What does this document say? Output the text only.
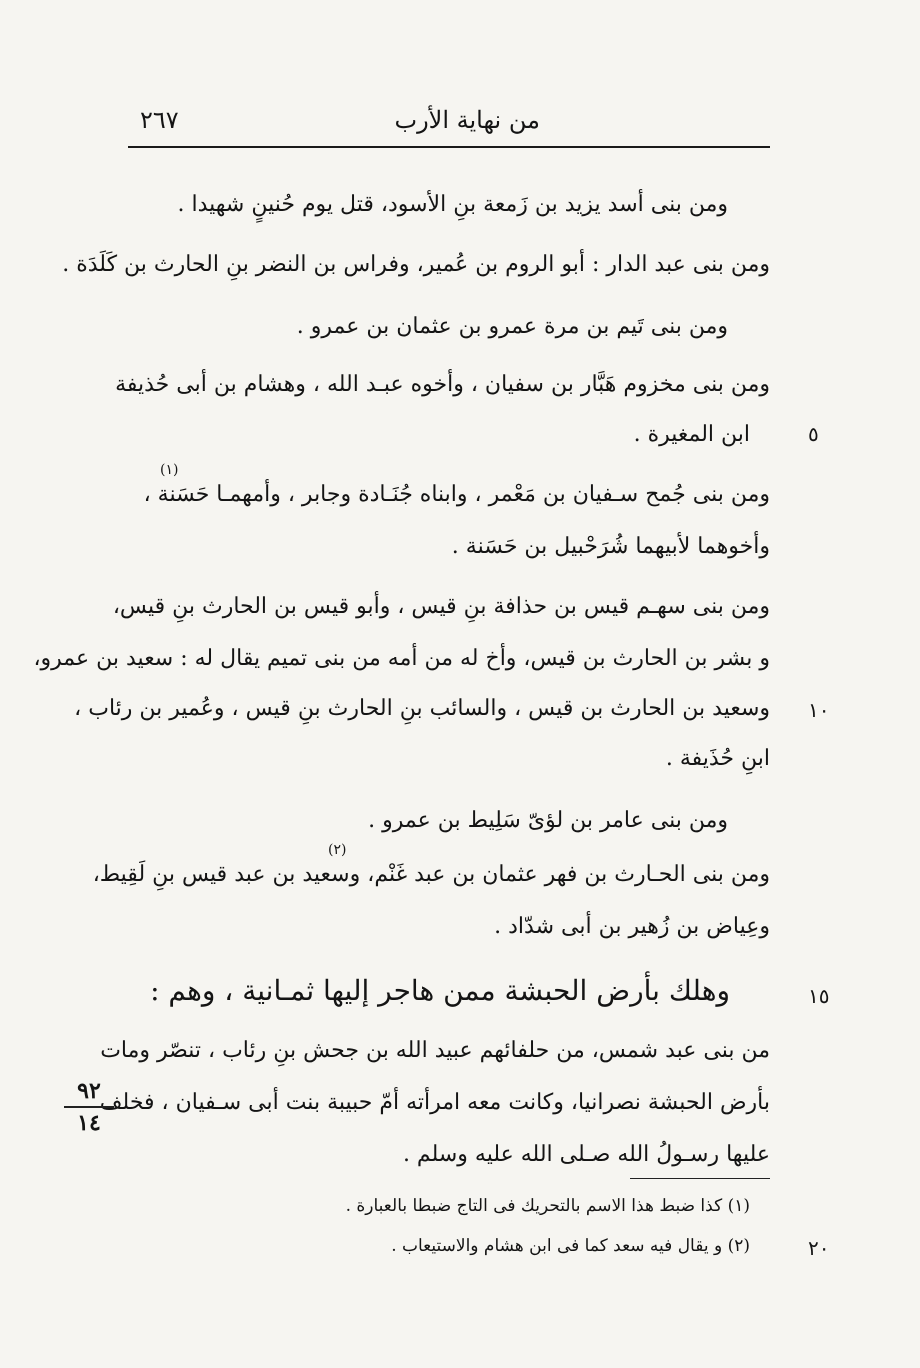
من نهاية الأرب
٢٦٧
ومن بنى أسد يزيد بن زَمعة بنِ الأسود، قتل يوم حُنينٍ شهيدا .
ومن بنى عبد الدار : أبو الروم بن عُمير، وفراس بن النضر بنِ الحارث بن كَلَدَة .
ومن بنى تَيم بن مرة عمرو بن عثمان بن عمرو .
ومن بنى مخزوم هَبَّار بن سفيان ، وأخوه عبـد الله ، وهشام بن أبى حُذيفة
ابن المغيرة .
(١)
ومن بنى جُمح سـفيان بن مَعْمر ، وابناه جُنَـادة وجابر ، وأمهمـا حَسَنة ،
وأخوهما لأبيهما شُرَحْبيل بن حَسَنة .
ومن بنى سهـم قيس بن حذافة بنِ قيس ، وأبو قيس بن الحارث بنِ قيس،
و بشر بن الحارث بن قيس، وأخ له من أمه من بنى تميم يقال له : سعيد بن عمرو،
وسعيد بن الحارث بن قيس ، والسائب بنِ الحارث بنِ قيس ، وعُمير بن رئاب ،
ابنِ حُذَيفة .
ومن بنى عامر بن لؤىّ سَلِيط بن عمرو .
(٢)
ومن بنى الحـارث بن فهر عثمان بن عبد غَنْم، وسعيد بن عبد قيس بنِ لَقِيط،
وعِياض بن زُهير بن أبى شدّاد .
وهلك بأرض الحبشة ممن هاجر إليها ثمـانية ، وهم :
من بنى عبد شمس، من حلفائهم عبيد الله بن جحش بنِ رئاب ، تنصّر ومات
بأرض الحبشة نصرانيا، وكانت معه امرأته أمّ حبيبة بنت أبى سـفيان ، فخلف
عليها رسـولُ الله صـلى الله عليه وسلم .
(١) كذا ضبط هذا الاسم بالتحريك فى التاج ضبطا بالعبارة .
(٢) و يقال فيه سعد كما فى ابن هشام والاستيعاب .
٥
١٠
١٥
٢٠
٩٢
١٤
